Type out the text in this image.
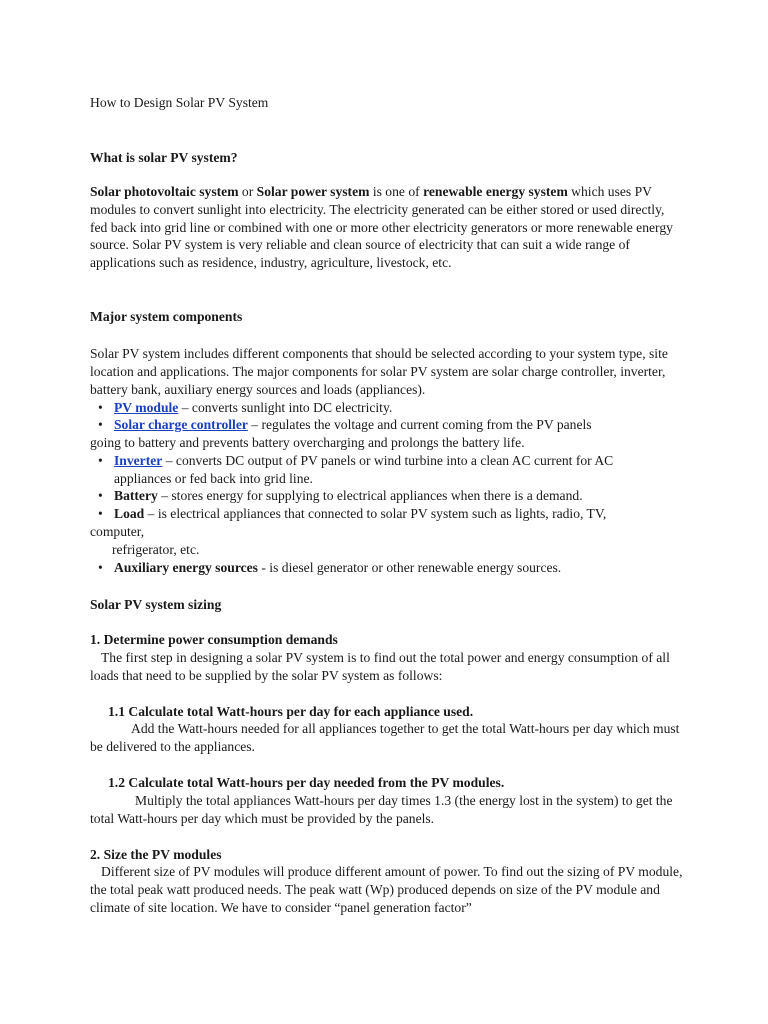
How to Design Solar PV System

What is solar PV system?

Solar photovoltaic system or Solar power system is one of renewable energy system which uses PV modules to convert sunlight into electricity. The electricity generated can be either stored or used directly, fed back into grid line or combined with one or more other electricity generators or more renewable energy source. Solar PV system is very reliable and clean source of electricity that can suit a wide range of applications such as residence, industry, agriculture, livestock, etc.

Major system components

Solar PV system includes different components that should be selected according to your system type, site location and applications. The major components for solar PV system are solar charge controller, inverter, battery bank, auxiliary energy sources and loads (appliances).

• PV module – converts sunlight into DC electricity.
• Solar charge controller – regulates the voltage and current coming from the PV panels

going to battery and prevents battery overcharging and prolongs the battery life.

• Inverter – converts DC output of PV panels or wind turbine into a clean AC current for AC

appliances or fed back into grid line.

• Battery – stores energy for supplying to electrical appliances when there is a demand.
• Load – is electrical appliances that connected to solar PV system such as lights, radio, TV,

computer,

refrigerator, etc.

• Auxiliary energy sources - is diesel generator or other renewable energy sources.

Solar PV system sizing

1. Determine power consumption demands

The first step in designing a solar PV system is to find out the total power and energy consumption of all loads that need to be supplied by the solar PV system as follows:

1.1 Calculate total Watt-hours per day for each appliance used.

Add the Watt-hours needed for all appliances together to get the total Watt-hours per day which must be delivered to the appliances.

1.2 Calculate total Watt-hours per day needed from the PV modules.

Multiply the total appliances Watt-hours per day times 1.3 (the energy lost in the system) to get the total Watt-hours per day which must be provided by the panels.

2. Size the PV modules

Different size of PV modules will produce different amount of power. To find out the sizing of PV module, the total peak watt produced needs. The peak watt (Wp) produced depends on size of the PV module and climate of site location. We have to consider “panel generation factor”
